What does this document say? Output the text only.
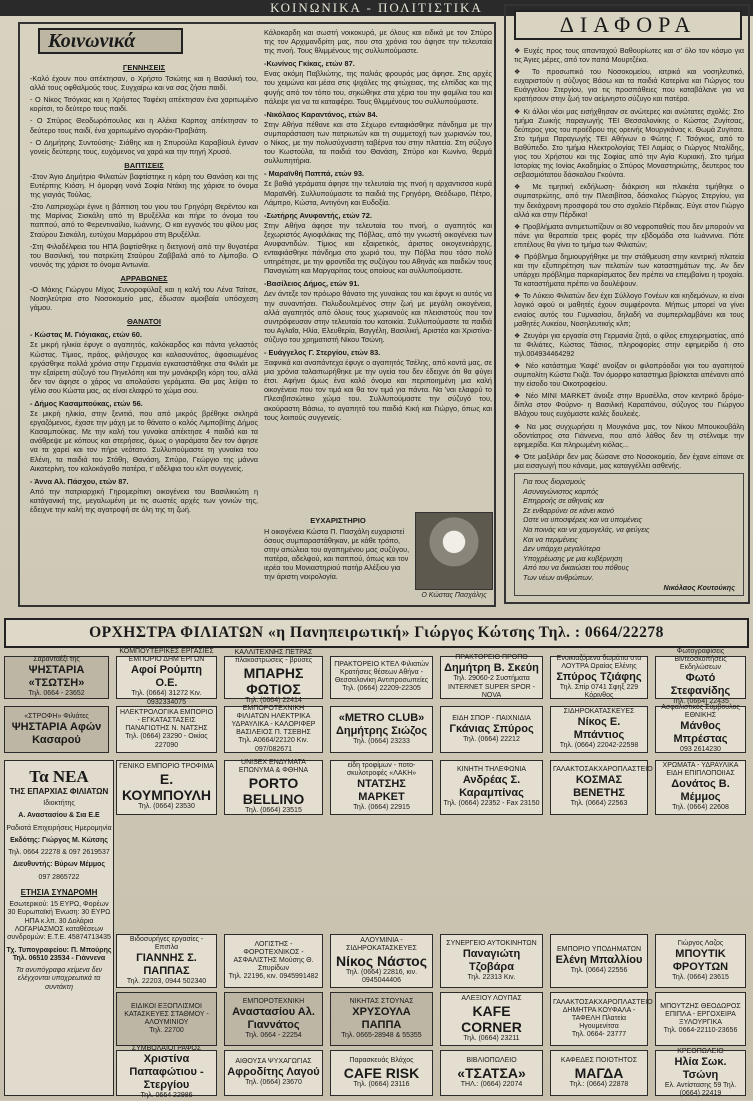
ΚΟΙΝΩΝΙΚΑ - ΠΟΛΙΤΙΣΤΙΚΑ
Κοινωνικά
ΓΕΝΝΗΣΕΙΣ

-Καλό έχουν που απέκτησαν, ο Χρήστο Τσιώτης και η Βασιλική του, αλλά τους οφθαλμούς τους. Συγχαίρω και να σας ζήσει παιδί.

- Ο Νίκος Τσόγκας και η Χρήστος Ταφέκη απέκτησαν ένα χαριτωμένο κορίτσι, το δεύτερο τους παιδί.

- Ο Σπύρος Θεοδωρόπουλος και η Αλέκα Καρποχ απέκτησαν το δεύτερο τους παιδί, ένα χαριτωμένο αγοράκι-Πραβιάτη.

- Ο Δημήτρης Συντούσης- Σιάθης και η Σπυρούλα Καραβίουλ έγιναν γονείς δεύτερης τους, ευχόμενος να χαρά και την πηγή Χρυσό.

ΒΑΠΤΙΣΕΙΣ

-Στον Άγιο Δημήτριο Φιλιατών βαφτίστηκε η κόρη του Θανάση και της Ευτέρπης Κιόση. Η όμορφη νονά Σοφία Ντάκη της χάρισε το όνομα της γιαγιάς Τούλας.

-Στο Λαπριοχώρι έγινε η βάπτιση του γιου του Γρηγόρη Θερέντου και της Μαρίνας Σισκάλη από τη Βρυξέλλα και πήρε το όνομα του παππού, από το Φερεντιναίλιο, Ιωάννης. Ο και εγγονός του φίλου μας Σταύρου Σισκάλη, ευτύχου Μαρμάρου στη Βρυξέλλα.

-Στη Φιλαδέλφεια του ΗΠΑ βαφτίσθηκε η διετγιονή από την θυγατέρα του Βασιλική, του πατριώτη Σταύρου Ζαββαλά από το Λίμποβο. Ο νουνός της χάρισε το όνομα Αντωνία.

ΑΡΡΑΒΩΝΕΣ

-Ο Μάκης Γιώργου Μίχος Συνοροφύλαξ και η καλή του Λένα Τσίτσε, Νοσηλεύτρια στο Νοσοκομείο μας, έδωσαν αμοιβαία υπόσχεση γάμου.

ΘΑΝΑΤΟΙ
- Κώστας Μ. Γιόγιακας, ετών 60.

Σε μικρή ηλικία έφυγε ο αγαπητός, καλόκαρδος και πάντα γελαστός Κώστας. Τίμιος, πράος, φιλήσυχος και καλοσυνάτος, άφοσιωμένος εργάσθηκε πολλά χρόνια στην Γερμανία εγκαταστάθηκε στα Φιλιάτ με την εξαίρετη σύζυγό του Πηνελόπη και την μονάκριβη κόρη του, αλλά δεν τον άφησε ο χάρος να απολαύσει γεράματα. Θα μας λείψει το γέλιο σου Κώστα μας, ας είναι ελαφρύ το χώμα σου.

- Δήμος Κασαμπούκας, ετών 56.

Σε μικρή ηλικία, στην ξενιτιά, που από μικρός βρέθηκε σκληρά εργαζόμενος, έχασε την μάχη με το θάνατο ο καλός Λιμποβίτης Δήμος Κασαμπούκας. Με την καλή του γυναίκα απέκτησε 4 παιδιά και τα ανάθρεψε με κόπους και στερήσεις, όμως ο γιαράματα δεν τον άφησε να τα χαρεί και τον πήρε νεότατο. Συλλυπούμαστε τη γυναίκα του Ελένη, τα παιδιά του Στάθη, Θανάση, Σπύρο, Γεώργιο της μάννα Αικατερίνη, τον καλοκάγαθο πατέρα, τ' αδέλφια του κλπ συγγενείς.

- Άννα Αλ. Πάσχου, ετών 87.

Από την πατριαρχική Γηρομερίτικη οικογένεια του Βασιλικιώτη η κατάγονική της, μεγαλωμένη με τις σωστές αρχές των γονιών της, έδειχνε την καλή της αγατροφή σε όλη της τη ζωή.

Κάλοκαρδη και σωστή νοικοκυρά, με όλους και ειδικά με τον Σπύρο της τον Αρχιμανδρίτη μας, που στα χρόνια του άφησε την τελευταία της πνοή. Τους θλιμμένους της συλλυπούμαστε.

-Κωνίνος Γκίκας, ετών 87.

Ενας ακόμη Παβλιώτης, της παλιάς φρουράς μας άφησε. Στις αρχές του χειμώνα και μέσα στις ψιχάλες της φτώχειας, της ελπίδας και της φυγής από τον τόπο του, σηκώθηκε στα χέρια του την φαμίλια του και πάλεψε για να τα καταφέρει. Τους θλιμμένους του συλλυπούμαστε.

-Νικόλαος Καραντάνος, ετών 84.

Στην Αθήνα πέθανε και στο Σέχωρο ενταφιάσθηκε πάνδημα με την συμπαράσταση των πατριωτών και τη συμμετοχή των χωριανών του, ο Νίκος, με την πολυσύχναστη ταβέρνα του στην πλατεία. Στη σύζυγο του Κωστούλα, τα παιδιά του Θανάση, Σπύρο και Κωνίνο, θερμά συλλυπητήρια.

- Μαραϊνθή Παππά, ετών 93.

Σε βαθιά γεράματα άφησε την τελευταία της πνοή η αρχαντισσα κυρά Μαραϊνθή. Συλλυπούμαστε τα παιδιά της Γρηγόρη, Θεόδωρο, Πέτρο, Λάμπρο, Κώστα, Αντιγόνη και Ευδοξία.

-Σωτήρης Ανυφαντής, ετών 72.

Στην Αθήνα άφησε την τελευταία του πνοή, ο αγαπητός και ξεχωριστός Αγιοφιλάκας της Πόβλας, από την γνωστή οικογένεια των Ανυφαντιδών. Τίμιος και εξαιρετικός, άριστος οικογενειάρχης, ενταφιάσθηκε πάνδημα στο χωριό του, την Πόβλα που τόσο πολύ υπηρέτησε, με την φροντίδα της συζύγου του Αθηνάς και παιδιών τους Παναγιώτη και Μαργαρίτας τους οποίους και συλλυπούμαστε.

-Βασίλειος Δήμος, ετών 91.

Δεν άντεξε τον πρόωρο θάνατο της γυναίκας του και έφυγε κι αυτός να την συναντήσει. Πολυδουλεμένος στην ζωή με μεγάλη οικογένεια, αλλά αγαπητός από όλους τους χωριανούς και πλεισιστούς που τον συντρόφευσαν στην τελευταία του κατοικία. Συλλυπούμαστε τα παιδιά του Αγλαΐα, Ηλία, Ελευθερία, Βαγγέλη, Βασιλική, Αριστέα και Χριστίνα- σύζυγο του χρηματιστή Νίκου Τσώνη.

- Ευάγγελος Γ. Στεργίου, ετών 83.

Ξαφνικά και αναπάντεχα έφυγε ο αγαπητός Τσέλης, από κοντά μας, σε μια χρόνια ταλαιπωρήθηκε με την υγεία του δεν έδειχνε ότι θα φύγει έτσι. Αφήνει όμως ένα καλό όνομα και περιποιημένη μια καλή οικογένεια που τον τιμά και θα τον τιμά για πάντα. Να 'ναι ελαφρύ το Πλεσιβιτσιώτικο χώμα του. Συλλυπούμαστε την σύζυγό του, ακούραστη Βάσιω, το αγαπητό του παιδιά Κική και Γιώργο, όπως και τους λοιπούς συγγενείς.

ΕΥΧΑΡΙΣΤΗΡΙΟ

Η οικογένεια Κώστα Π. Πασχάλη ευχαριστεί όσους συμπαραστάθηκαν, με κάθε τρόπο, στην απώλεια του αγαπημένου μας συζύγου, πατέρα, αδελφού, και παππού, όπως και τον ιερέα του Μονιαστηριού πατήρ Αλέξιου για την άριστη νεκρολογία.

Ο Κώστας Πασχάλης
ΔΙΑΦΟΡΑ

❖ Ευχές προς τους απανταχού Βαθουρίωτες και σ' όλο τον κόσμο για τις Άγιες μέρες, από τον παπά Μουρτζέκα.

❖ Το προσωπικό του Νοσοκομείου, ιατρικό και νοσηλευτικό, ευχαριστούν η σύζυγος Βάσω και τα παιδιά Κατερίνα και Γιώργος του Ευάγγελου Στεργίου, για τις προσπάθειες που καταβάλανε για να κρατήσουν στην ζωή τον αείμνηστο σύζυγο και πατέρα.

❖ Κι άλλοι νέοι μας εισήχθησαν σε ανώτερες και ανώτατες σχολές: Στο τμήμα Ζωικής παραγωγής ΤΕΙ Θεσσαλονίκης ο Κώστας Ζυγίτσας, δεύτερος γιος του προέδρου της ορεινής Μουργκάνας κ. Θωμά Ζυγίτσα. Στο τμήμα Παραγωγής ΤΕΙ Αθήνων ο Φώτης Γ. Τσόγκος, από το Βαθύπεδο. Στο τμήμα Ηλεκτρολογίας ΤΕΙ Λαμίας ο Γιώργος Νταλίδης, γιος του Χρήστου και της Σοφίας από την Αγία Κυριακή. Στο τμήμα Ιστορίας της Ιονίας Ακαδημίας ο Σπύρος Μοναστηριώτης, δευτερος του σεβασμιότατου δάσκαλου Γκούντα.

❖ Με τιμητική εκδήλωση- διάκριση και πλακέτα τιμήθηκε ο συμπατριώτης, από την Πλεσιβίτσα, δάσκαλος Γιώργος Στεργίου, για την δεκάχρονη προσφορά του στο σχολείο Πέρδικας. Εύγε στον Γιώργο αλλά και στην Πέρδικα!

❖ Προβλήματα αντιμετωπίζουν οι 80 νεφροπαθείς που δεν μπορούν να πάνε για θεραπεία τρεις φορές την εβδομάδα στα Ιωάννινα. Πότε επιτέλους θα γίνει το τμήμα των Φιλιατών;

❖ Πρόβλημα δημιουργήθηκε με την στάθμευση στην κεντρική πλατεία και την εξυπηρέτηση των πελατών των καταστημάτων της. Αν δεν υπάρχει πρόβλημα παρκαρίσματος δεν πρέπει να επεμβαίνει η τροχαία. Τα καταστήματα πρέπει να δουλέψουν.

❖ Το Λύκειο Φιλιατών δεν έχει Σύλλογο Γονέων και κηδεμόνων, κι είναι λογικό αφού οι μαθητές έχουν συμφέροντα. Μήπως μπορεί να γίνει ενιαίος αυτός του Γυμνασίου, δηλαδή να συμπεριλαμβάνει και τους μαθητές Λυκείου, Νοσηλευτικής κλπ;

❖ Ζευγάρι για εργασία στη Γερμανία ζητά, ο φίλος επιχειρηματίας, από τα Φιλιάτες, Κώστας Τάσιος, πληροφορίες στην εφημερίδα ή στο τηλ.004934464292

❖ Νέο κατάστημα 'Καφέ' ανοίξαν οι φιλοπρόοδοι γιοι του αγαπητού συμπολίτη Κώστα Γκιζά. Τον όμορφο καταστημα βρίσκεται απέναντι από την είσοδο του Οικοτροφείου.

❖ Νέο MINI MARKET άνοιξε στην Βρυσέλλα, στον κεντρικό δρόμο- δίπλα στον Φούρνο- η Βασιλική Καραπάνου, σύζυγος του Γιώργου Βλάχου τους ευχόμαστε καλές δουλειές.

❖ Να μας συγχωρήσει η Μουγκάνα μας, τον Νίκου Μπουκουβάλη οδοντίατρος στα Γιάννενα, που από λάθος δεν τη στέλναμε την εφημερίδα. Και πληρωμένη κιόλας...

❖ Ότε μαξιλάρι δεν μας δώσανε στο Νοσοκομείο, δεν έχανε είπανε σε μια εισαγωγή που κάναμε, μας καταγγέλλει ασθενής.

Για τους διορισμούς
Ασυναγώνιστος καρπός
Επηρροής σε αθηναίς και
Σε ενθαρρύνει σε κάνει ικανό
Ωστε να υποσφέρεις και να υπομένεις
Να ποινάς και να χαμογελάς, να φεύγεις
Και να περιμένεις
Δεν υπάρχει μεγαλύτερα
Υποχρέωσης με μια κυβέρνηση
Από του να δικαιώσει του πόθους
Των νέων ανθρώπων.
Νικόλαος Κουτούκης
ΟΡΧΗΣΤΡΑ ΦΙΛΙΑΤΩΝ «η Πανηπειρωτική» Γιώργος Κώτσης Τηλ. : 0664/22278
Τα ΝΕΑ
ΤΗΣ ΕΠΑΡΧΙΑΣ ΦΙΛΙΑΤΩΝ
Ιδιοκτήτης
Α. Αναστασίου & Σια Ε.Ε
Ραδιοτά Επιχειρήσεις Ημερομηνία
Εκδότης: Γιώργος Μ. Κώτσης
Τηλ. 0664 22278 & 097 2619537
Διευθυντής: Βύρων Μέμμος
097 2865722
ΕΤΗΣΙΑ ΣΥΝΔΡΟΜΗ
Εσωτερικού: 15 ΕΥΡΩ, Φορέων 30 Ευρωπαϊκή Ένωση: 30 ΕΥΡΩ ΗΠΑ κ.λπ. 30 Δολάρια ΛΟΓΑΡΙΑΣΜΟΣ καταθέσεων συνδρομών: Ε.Τ.Ε. 45874713435
Τχ. Τυπογραφείου: Π. Μπούρης Τηλ. 06510 23534 - Γιάννενα
Τα ανυπόγραφα κείμενα δεν ελέγχονται υποχρεωτικά τα συντάκτη
Σαρανταέξι της
ΨΗΣΤΑΡΙΑ «ΤΣΩΤΣΗ»
Τηλ. 0664 - 23652
ΚΟΜΠΟΥΤΕΡΙΚΕΣ ΕΡΓΑΣΙΕΣ ΕΜΠΟΡΙΟ ΔΗΜ ΕΡΓΩΝ
Αφοί Ρούμπη Ο.Ε.
Τηλ. (0664) 31272 Κιν. 0932334075
ΚΑΛΛΙΤΕΧΝΗΣ ΠΕΤΡΑΣ πλακοστρώσεις - βρύσες
ΜΠΑΡΗΣ ΦΩΤΙΟΣ
Τηλ. (0664) 22414
ΠΡΑΚΤΟΡΕΙΟ ΚΤΕΛ Φιλιατών Κρατήσεις θέσεων Αθήνα - Θεσσαλονίκη Αντιπροσωπείες
Τηλ. (0664) 22209-22305
ΠΡΑΚΤΟΡΕΙΟ ΠΡΟΠΟ
Δημήτρη Β. Σκεύη
Τηλ. 29060-2 Συστήματα INTERNET SUPER SPOR - NOVA
Ενοικιαζόμενα δωμάτια στα ΛΟΥΤΡΑ Ωραίας Ελένης
Σπύρος Τζιάφης
Τηλ. Σπίρ 0741 Σφηξ 229 Κόρινθος
Φωτογραφίσεις Βιντεοσκοπήσεις Εκδηλώσεων
Φωτό Στεφανίδης
Τηλ. (0664) 22435
«ΣΤΡΟΦΗ» Φιλιάτες
ΨΗΣΤΑΡΙΑ Αφών Κασαρού
ΗΛΕΚΤΡΟΛΟΓΙΚΑ ΕΜΠΟΡΙΟ - ΕΓΚΑΤΑΣΤΑΣΕΙΣ ΠΑΝΑΓΙΩΤΗΣ Ν. ΝΑΤΣΗΣ
Τηλ. (0664) 23290 - Οικίας 227090
ΕΜΠΟΡΟΤΕΧΝΙΚΗ ΦΙΛΙΑΤΩΝ ΗΛΕΚΤΡΙΚΑ ΥΔΡΑΥΛΙΚΑ - ΚΑΛΟΡΙΦΕΡ ΒΑΣΙΛΕΙΟΣ Π. ΤΣΕΒΗΣ
Τηλ. Α0664/22120 Κιν. 097/082671
«METRO CLUB» Δημήτρης Σιώζος
Τηλ. (0664) 23233
ΕΙΔΗ ΣΠΟΡ - ΠΑΙΧΝΙΔΙΑ
Γκάνιας Σπύρος
Τηλ. (0664) 22212
ΣΙΔΗΡΟΚΑΤΑΣΚΕΥΕΣ
Νίκος Ε. Μπάντιος
Τηλ. (0664) 22042-22598
Ασφαλιστικός Σύμβουλος ΕΘΝΙΚΗΣ
Μάνθος Μπρέστας
093 2614230
ΓΕΝΙΚΟ ΕΜΠΟΡΙΟ ΤΡΟΦΙΜΑ
Ε. ΚΟΥΜΠΟΥΛΗ
Τηλ. (0664) 23530
UNISEX ΕΝΔΥΜΑΤΑ ΕΠΩΝΥΜΑ & ΦΘΗΝΑ
PORTO BELLINO
Τηλ. (0664) 23515
είδη τροφίμων - ποτο-σκυλοτροφές «ΛΑΚΗ»
ΝΤΑΤΣΗΣ ΜΑΡΚΕΤ
Τηλ. (0664) 22915
ΚΙΝΗΤΗ ΤΗΛΕΦΩΝΙΑ
Ανδρέας Σ. Καραμπίνας
Τηλ. (0664) 22352 - Fax 23150
ΓΑΛΑΚΤΟΣΑΚΧΑΡΟΠΛΑΣΤΕΙΟ
ΚΟΣΜΑΣ ΒΕΝΕΤΗΣ
Τηλ. (0664) 22563
ΧΡΩΜΑΤΑ - ΥΔΡΑΥΛΙΚΑ ΕΙΔΗ ΕΠΙΠΛΟΠΟΙΙΑΣ
Δονάτος Β. Μέμμος
Τηλ. (0664) 22608
Βιδοσυρήγες εργασίες - Επιπλα
ΓΙΑΝΝΗΣ Σ. ΠΑΠΠΑΣ
Τηλ. 22203, 0944 502340
ΛΟΓΙΣΤΗΣ - ΦΟΡΟΤΕΧΝΙΚΟΣ - ΑΣΦΑΛΙΣΤΗΣ Μούσης Θ. Σπυρίδων
Τηλ. 22196, κιν. 0945991482
ΑΛΟΥΜΙΝΙΑ - ΣΙΔΗΡΟΚΑΤΑΣΚΕΥΕΣ
Νίκος Νάστος
Τηλ. (0664) 22816, κιν. 0945044406
ΣΥΝΕΡΓΕΙΟ ΑΥΤΟΚΙΝΗΤΩΝ
Παναγιώτη Τζοβάρα
Τηλ. 22313 Κιν.
ΕΜΠΟΡΙΟ ΥΠΟΔΗΜΑΤΩΝ
Ελένη Μπαλλίου
Τηλ. (0664) 22556
Γιώργος Λαζος
ΜΠΟΥΤΙΚ ΦΡΟΥΤΩΝ
Τηλ. (0664) 23615
ΕΙΔΙΚΟΙ ΕΞΟΠΛΙΣΜΟΙ ΚΑΤΑΣΚΕΥΕΣ ΣΤΑΘΜΟΥ - ΑΛΟΥΜΙΝΙΟΥ
Τηλ. 22700
ΕΜΠΟΡΟΤΕΧΝΙΚΗ
Αναστασίου Αλ. Γιαννάτος
Τηλ. 0664 - 22254
ΝΙΚΗΤΑΣ ΣΤΟΥΝΑΣ
ΧΡΥΣΟΥΛΑ ΠΑΠΠΑ
Τηλ. 0665-28948 & 55355
ΑΛΕΞΙΟΥ ΛΟΥΠΑΣ
KAFE CORNER
Τηλ. (0664) 23211
ΓΑΛΑΚΤΟΣΑΚΧΑΡΟΠΛΑΣΤΕΙΟ ΔΗΜΗΤΡΑ ΚΟΥΦΑΛΑ - ΤΑΦΕΛΗ Πλατεία Ηγουμενίτσα
Τηλ. 0664- 23777
ΜΠΟΥΤΖΗΣ ΘΕΟΔΩΡΟΣ ΕΠΙΠΛΑ - ΕΡΓΟΧΕΙΡΑ ΞΥΛΟΥΡΓΙΚΑ
Τηλ. 0664-22110-23656
ΣΥΜΒΟΛΑΙΟΓΡΑΦΟΣ
Χριστίνα Παπαφώτιου - Στεργίου
Τηλ. 0664 22986
ΑΙΘΟΥΣΑ ΨΥΧΑΓΩΓΙΑΣ
Αφροδίτης Λαγού
Τηλ. (0664) 23670
Παρασκευάς Βλάχος
CAFE RISK
Τηλ. (0664) 23116
ΒΙΒΛΙΟΠΩΛΕΙΟ
«ΤΣΑΤΣΑ»
ΤΗΛ.: (0664) 22074
ΚΑΦΕΔΕΣ ΠΟΙΟΤΗΤΟΣ
ΜΑΓΔΑ
Τηλ.: (0664) 22878
ΚΡΕΟΠΩΛΕΙΟ
Ηλία Σωκ. Τσώνη
Ελ. Αντίστασης 59 Τηλ. (0664) 22419
